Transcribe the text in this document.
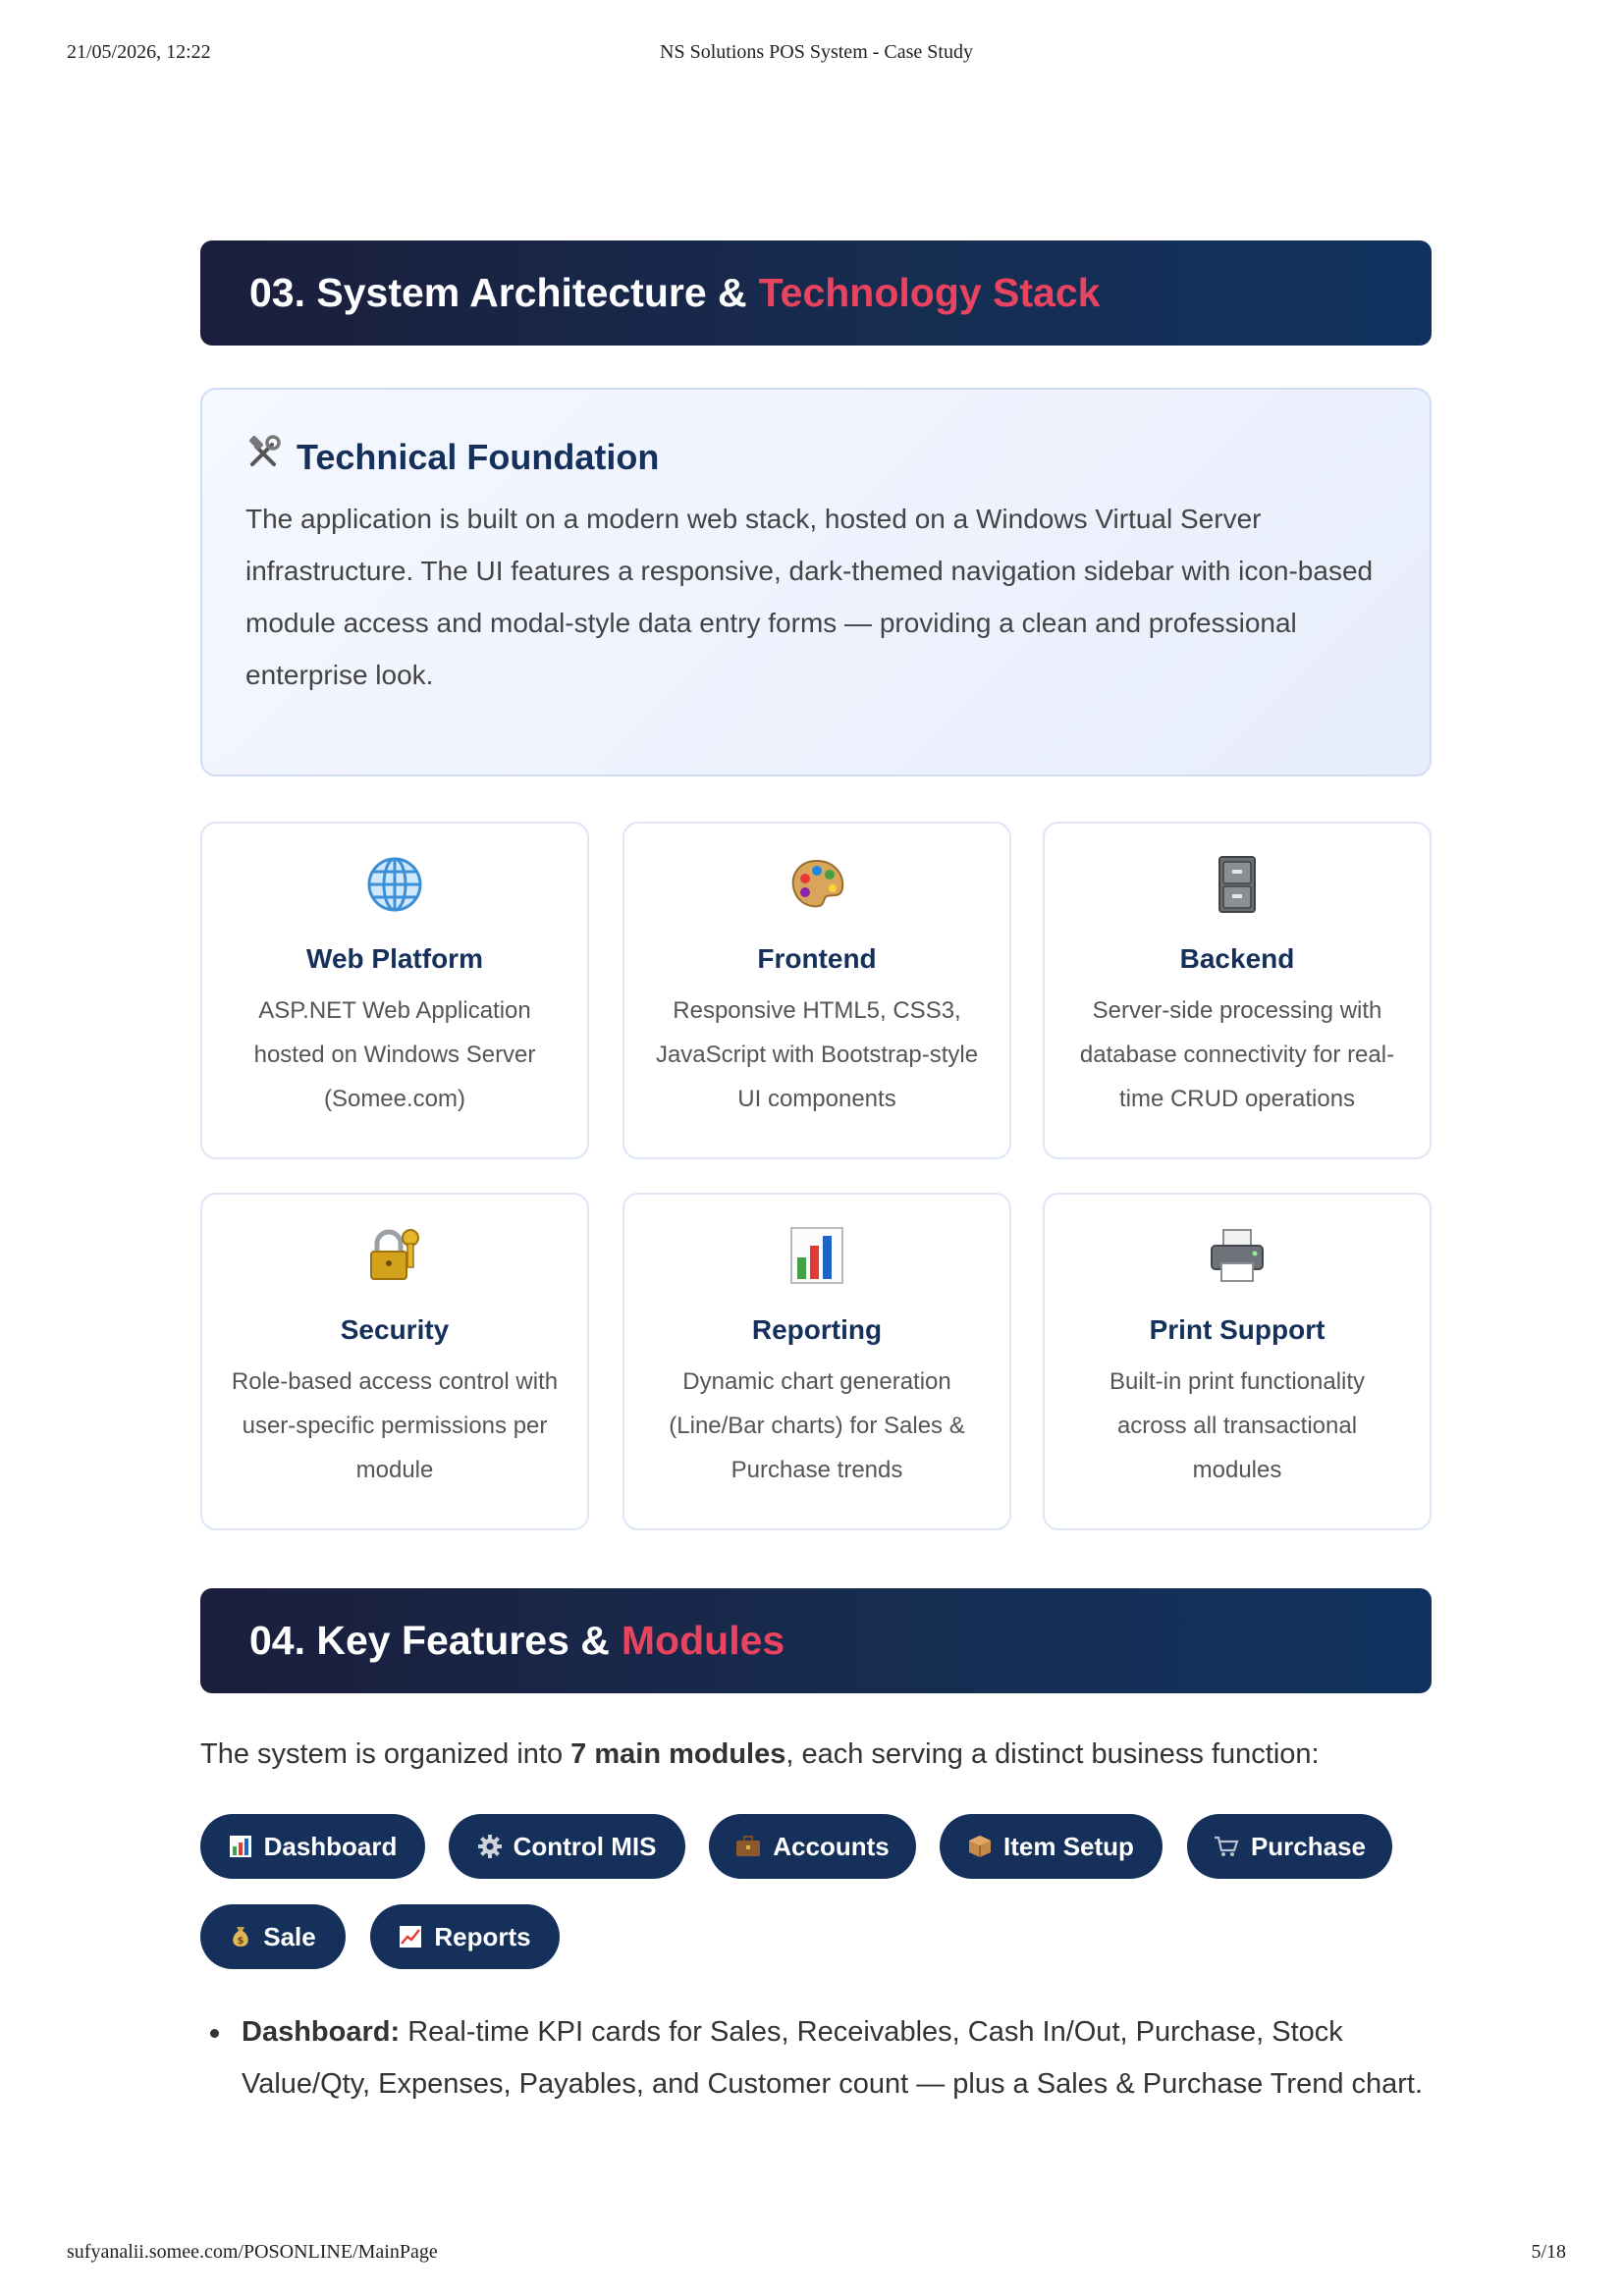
21/05/2026, 12:22	NS Solutions POS System - Case Study
03. System Architecture & Technology Stack
Technical Foundation

The application is built on a modern web stack, hosted on a Windows Virtual Server infrastructure. The UI features a responsive, dark-themed navigation sidebar with icon-based module access and modal-style data entry forms — providing a clean and professional enterprise look.

Web Platform
ASP.NET Web Application hosted on Windows Server (Somee.com)
Frontend
Responsive HTML5, CSS3, JavaScript with Bootstrap-style UI components
Backend
Server-side processing with database connectivity for real-time CRUD operations
Security
Role-based access control with user-specific permissions per module
Reporting
Dynamic chart generation (Line/Bar charts) for Sales & Purchase trends
Print Support
Built-in print functionality across all transactional modules
04. Key Features & Modules
The system is organized into 7 main modules, each serving a distinct business function:
Dashboard	Control MIS	Accounts	Item Setup	Purchase
$ Sale	Reports
Dashboard: Real-time KPI cards for Sales, Receivables, Cash In/Out, Purchase, Stock Value/Qty, Expenses, Payables, and Customer count — plus a Sales & Purchase Trend chart.
sufyanalii.somee.com/POSONLINE/MainPage	5/18
